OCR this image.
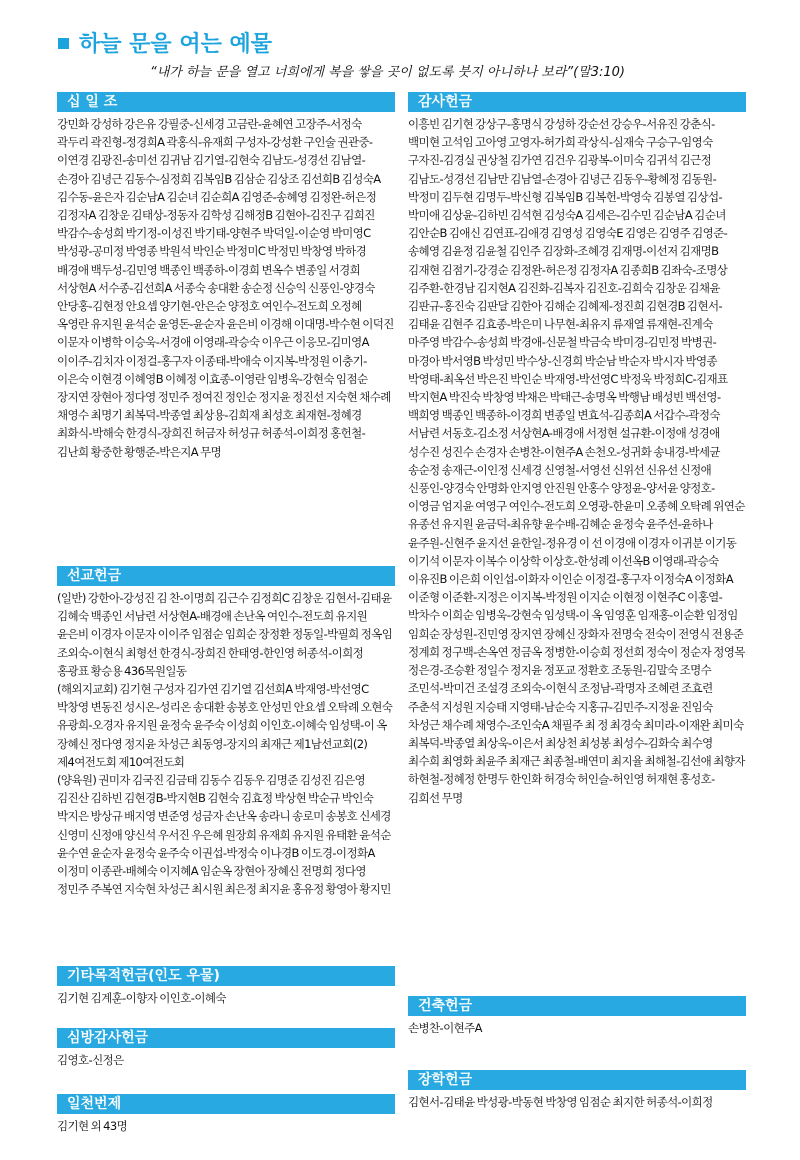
하늘 문을 여는 예물
“내가 하늘 문을 열고 너희에게 복을 쌓을 곳이 없도록 붓지 아니하나 보라”(말3:10)
십 일 조
강민화 강성하 강은유 강필중-신세경 고금란-윤혜연 고장주-서정숙 곽두리 곽진형-정경희A 곽홍식-유재희 구성자-강성환 구인술 권관중-이연경 김광진-송미선 김귀남 김기열-김현숙 김남도-성경선 김남열-손경아 김녕근 김동수-심정희 김복임B 김삼순 김상조 김선희B 김성숙A 김수동-윤은자 김순남A 김순녀 김순희A 김영준-송혜영 김정완-허은정 김정자A 김창운 김태상-정동자 김학성 김해정B 김현아-김진구 김희진 박감수-송성희 박기정-이성진 박기태-양현주 박덕일-이순영 박미영C 박성광-공미정 박영종 박원석 박인순 박정미C 박정민 박창영 박하경 배경애 백두성-김민영 백종인 백종하-이경희 변옥수 변종일 서경희 서상현A 서수종-김선희A 서종숙 송대환 송순정 신승익 신풍인-양경숙 안당홍-김현정 안요셉 양기현-안은순 양정호 여인수-전도희 오정혜 옥영란 유지원 윤석순 윤영돈-윤순자 윤은비 이경해 이대명-박수현 이덕진 이문자 이병학 이승욱-서경애 이영래-곽승숙 이우근 이응모-김미영A 이이주-김치자 이정걸-홍구자 이종태-박애숙 이지복-박정원 이충기-이은숙 이현경 이혜영B 이혜정 이효종-이영란 임병욱-강현숙 임점순 장지연 장현아 정다영 정민주 정여진 정인순 정지윤 정진선 지숙현 채수례 채영수 최명기 최복덕-박종열 최상용-김희재 최성호 최재현-정혜경 최화식-박해숙 한경식-장희진 허금자 허성규 허종석-이희정 홍헌철-김난희 황중한 황행준-박은지A 무명
선교헌금
(일반) 강한아-강성진 김 찬-이명희 김근수 김정희C 김창운 김현서-김태윤 김혜숙 백종인 서남련 서상현A-배경애 손난옥 여인수-전도희 유지원 윤은비 이경자 이문자 이이주 임점순 임희순 장정환 정동일-박필희 정옥임 조외숙-이현식 최형선 한경식-장희진 한태영-한인영 허종석-이희정 홍광표 황승용 436목원일동
(해외지교회) 김기현 구성자 김가연 김기열 김선희A 박재영-박선영C 박창영 변동진 성시온-성리온 송대환 송봉호 안성민 안요셉 오탁례 오현숙 유광희-오경자 유지원 윤정숙 윤주숙 이성희 이인호-이혜숙 임성택-이 옥 장혜신 정다영 정지윤 차성근 최동영-장지의 최재근 제1남선교회(2) 제4여전도회 제10여전도회
(양육원) 권미자 김국진 김금태 김동수 김동우 김명준 김성진 김은영 김진산 김하빈 김현경B-박지현B 김현숙 김효정 박상현 박순규 박인숙 박지은 방상규 배지영 변준영 성금자 손난옥 송라니 송로미 송봉호 신세경 신영미 신정애 양신석 우서진 우은혜 원장희 유재희 유지원 유태환 윤석순 윤수연 윤순자 윤정숙 윤주숙 이권섭-박정숙 이나경B 이도경-이정화A 이정미 이종관-배혜숙 이지혜A 임순옥 장현아 장혜신 전명희 정다영 정민주 주복연 지숙현 차성근 최시원 최은정 최지윤 홍유정 황영아 황지민
기타목적헌금(인도 우물)
김기현 김계훈-이향자 이인호-이혜숙
심방감사헌금
김영호-신정은
일천번제
김기현 외 43명
감사헌금
이흥빈 김기현 강상구-홍명식 강성하 강순선 강승우-서유진 강춘식-백미현 고석임 고아영 고영자-허가희 곽상식-심재숙 구승구-임영숙 구자진-김경실 권상철 김가연 김건우 김광복-이미숙 김귀석 김근정 김남도-성경선 김남만 김남열-손경아 김녕근 김동우-황혜정 김동원-박정미 김두현 김명두-박신형 김복임B 김복헌-박영숙 김봉열 김상섭-박미애 김상윤-김하빈 김석현 김성숙A 김세은-김수민 김순남A 김순녀 김안순B 김애신 김연표-김애경 김영성 김영숙E 김영은 김영주 김영준-송혜영 김윤정 김윤철 김인주 김장화-조혜경 김재명-이선저 김재명B 김재현 김점기-강경순 김정완-허은정 김정자A 김종희B 김좌숙-조명상 김주환-한경남 김지현A 김진화-김복자 김진호-김희숙 김창운 김채윤 김판규-홍진숙 김판달 김한아 김해순 김혜제-정진희 김현경B 김현서-김태윤 김현주 김효종-박은미 나무현-최유지 류재열 류재현-진계숙 마주영 박감수-송성희 박경애-신문철 박금숙 박미경-김민정 박병권-마경아 박서영B 박성민 박수상-신경희 박순남 박순자 박시자 박영종 박영태-최옥선 박은진 박인순 박재영-박선영C 박정욱 박정희C-김재표 박지현A 박진숙 박창영 박채은 박태근-송명옥 박행남 배성빈 백선영-백희영 백종인 백종하-이경희 변종일 변효석-김종희A 서갑수-곽정숙 서남련 서동호-김소정 서상현A-배경애 서정현 설규환-이정애 성경애 성수진 성진수 손경자 손병찬-이현주A 손천오-성귀화 송내경-박세균 송순정 송재근-이인정 신세경 신영철-서영선 신위선 신유선 신정애 신풍인-양경숙 안명화 안지영 안진원 안홍수 양정윤-양서윤 양정호-이영금 엄지윤 여영구 여인수-전도희 오영광-한윤미 오종혜 오탁례 위연순 유종선 유지원 윤금덕-최유향 윤수배-김혜순 윤정숙 윤주선-윤하나 윤주원-신현주 윤지선 윤한일-정유경 이 선 이경애 이경자 이귀분 이기동 이기석 이문자 이복수 이상학 이상호-한성례 이선옥B 이영래-곽승숙 이유진B 이은희 이인섭-이화자 이인순 이정걸-홍구자 이정숙A 이정화A 이준형 이준환-지정은 이지복-박정원 이지순 이현정 이현주C 이홍열-박차수 이희순 임병욱-강현숙 임성택-이 옥 임영훈 임재홍-이순환 임정임 임희순 장성원-진민영 장지연 장혜신 장화자 전명숙 전숙이 전영식 전용준 정계희 정구백-손옥연 정금옥 정병한-이승희 정선희 정숙이 정순자 정영목 정은경-조승환 정일수 정지윤 정포교 정환호 조동원-김말숙 조명수 조민석-박미건 조설경 조외숙-이현식 조정남-곽명자 조혜련 조효련 주춘석 지성원 지승태 지영태-남순숙 지홍규-김민주-지정윤 진임숙 차성근 채수례 채영수-조인숙A 채필주 최 정 최경숙 최미라-이재완 최미숙 최복덕-박종열 최상욱-이은서 최상천 최성봉 최성수-김화숙 최수영 최수희 최영화 최윤주 최재근 최종철-배연미 최지율 최해철-김선애 최향자 하현철-정혜정 한명두 한인화 허경숙 허인슬-허인영 허재현 홍성호-김희선 무명
건축헌금
손병찬-이현주A
장학헌금
김현서-김태윤 박성광-박동현 박창영 임점순 최지한 허종석-이희정
